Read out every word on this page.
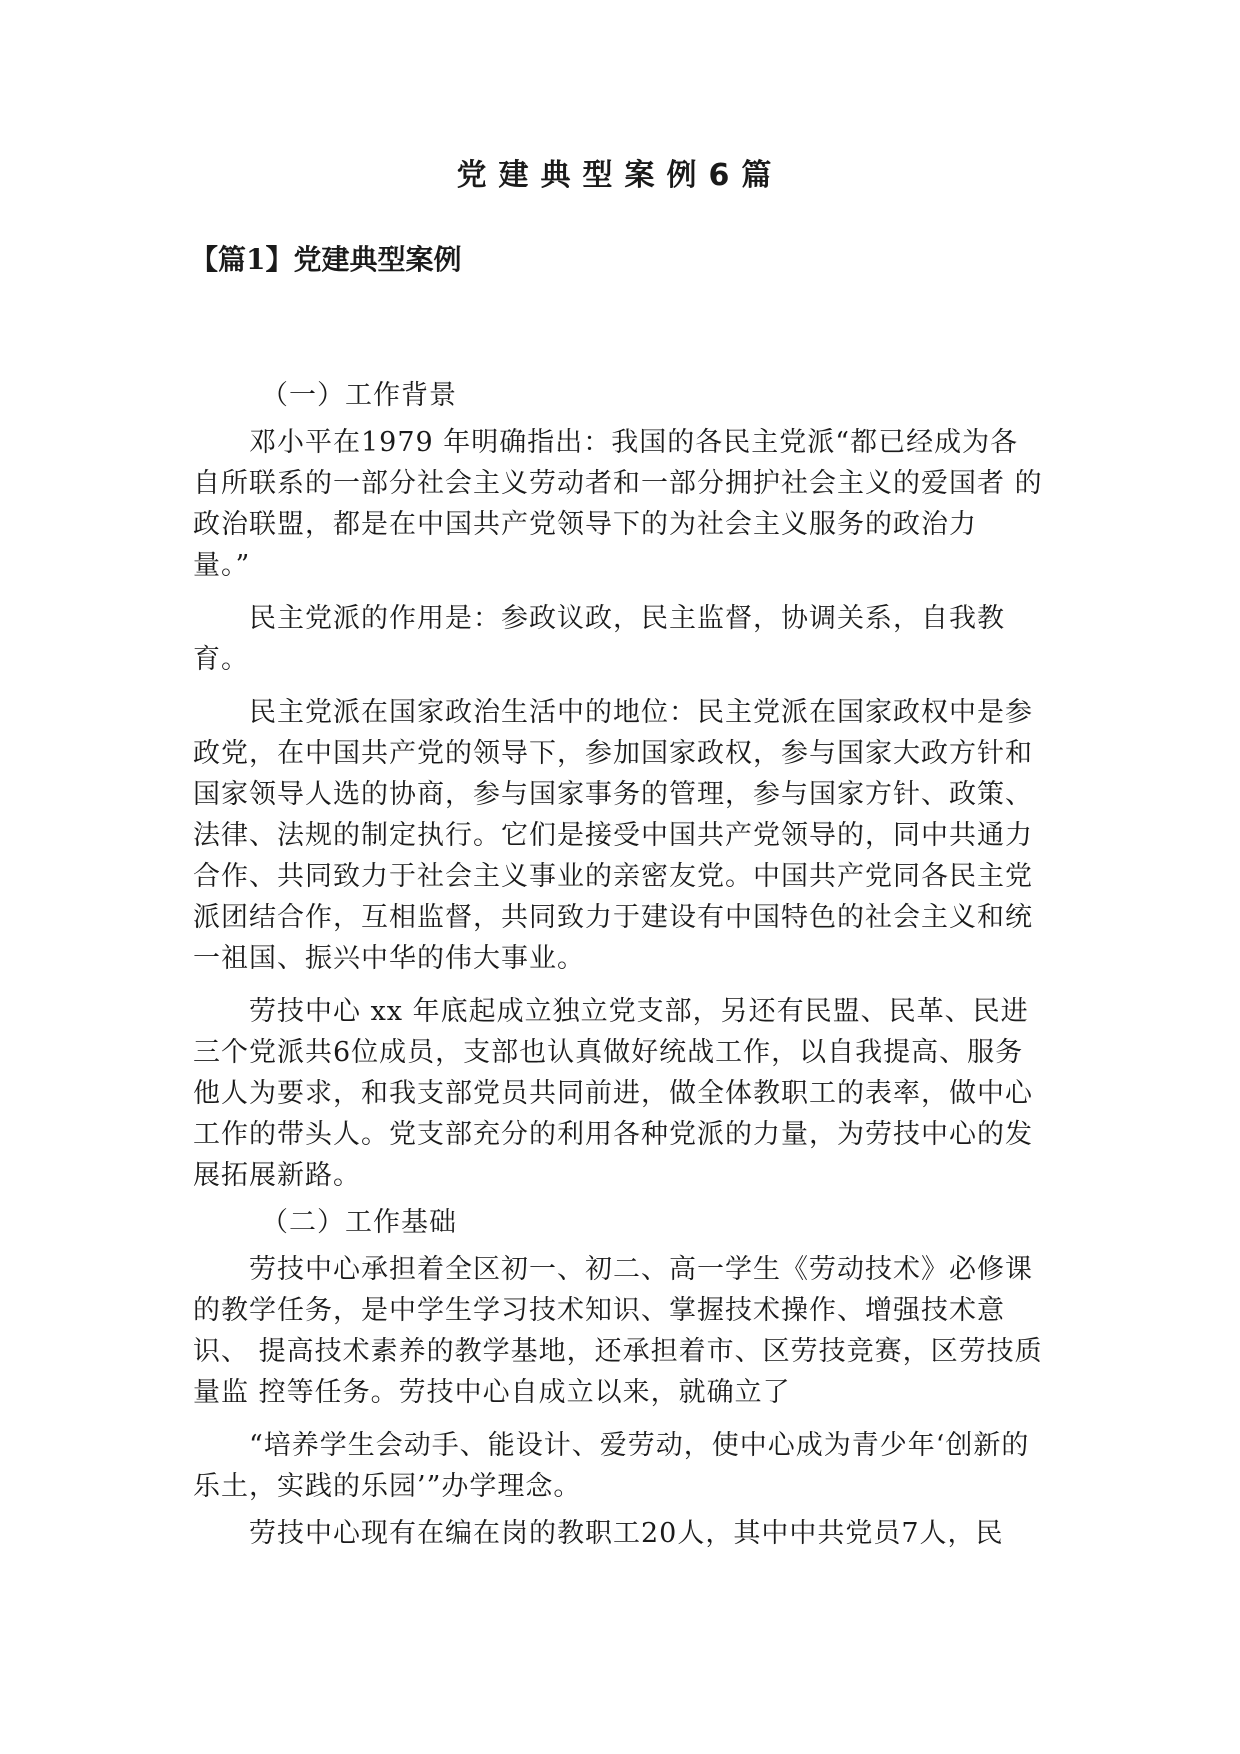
党建典型案例6篇
【篇1】党建典型案例

（一）工作背景

邓小平在1979 年明确指出：我国的各民主党派“都已经成为各 自所联系的一部分社会主义劳动者和一部分拥护社会主义的爱国者 的政治联盟，都是在中国共产党领导下的为社会主义服务的政治力

量。”

民主党派的作用是：参政议政，民主监督，协调关系，自我教育。

民主党派在国家政治生活中的地位：民主党派在国家政权中是参政党，在中国共产党的领导下，参加国家政权，参与国家大政方针和国家领导人选的协商，参与国家事务的管理，参与国家方针、政策、法律、法规的制定执行。它们是接受中国共产党领导的，同中共通力合作、共同致力于社会主义事业的亲密友党。中国共产党同各民主党派团结合作，互相监督，共同致力于建设有中国特色的社会主义和统一祖国、振兴中华的伟大事业。

劳技中心 xx 年底起成立独立党支部，另还有民盟、民革、民进 三个党派共6位成员，支部也认真做好统战工作，以自我提高、服务 他人为要求，和我支部党员共同前进，做全体教职工的表率，做中心 工作的带头人。党支部充分的利用各种党派的力量，为劳技中心的发 展拓展新路。

（二）工作基础

劳技中心承担着全区初一、初二、高一学生《劳动技术》必修课 的教学任务，是中学生学习技术知识、掌握技术操作、增强技术意识、 提高技术素养的教学基地，还承担着市、区劳技竞赛，区劳技质量监 控等任务。劳技中心自成立以来，就确立了

“培养学生会动手、能设计、爱劳动，使中心成为青少年‘创新的乐土，实践的乐园’”办学理念。

劳技中心现有在编在岗的教职工20人，其中中共党员7人，民
